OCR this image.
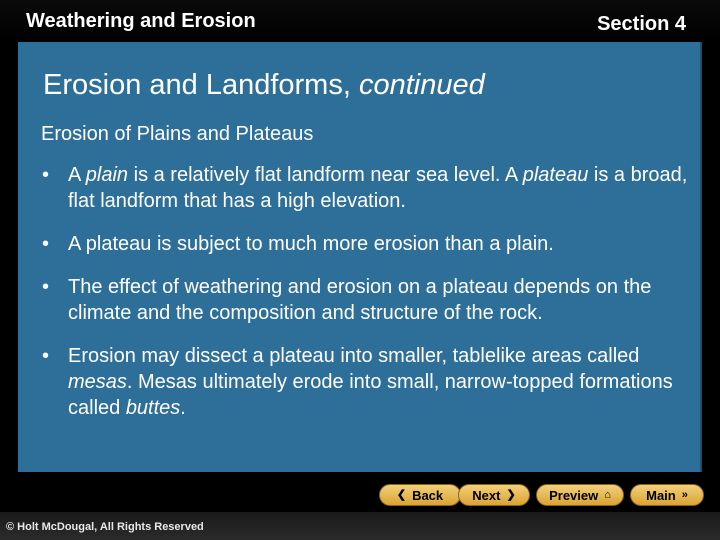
Weathering and Erosion	Section 4
Erosion and Landforms, continued
Erosion of Plains and Plateaus
• A plain is a relatively flat landform near sea level. A plateau is a broad, flat landform that has a high elevation.
• A plateau is subject to much more erosion than a plain.
• The effect of weathering and erosion on a plateau depends on the climate and the composition and structure of the rock.
• Erosion may dissect a plateau into smaller, tablelike areas called mesas. Mesas ultimately erode into small, narrow-topped formations called buttes.
❮ Back Next ❯	Preview ⌂	Main »
© Holt McDougal, All Rights Reserved
